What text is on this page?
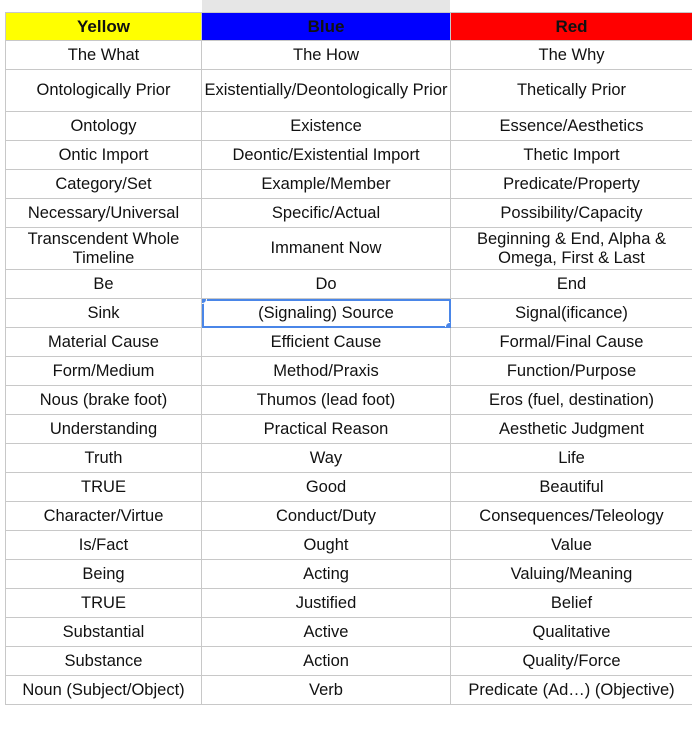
Yellow	Blue	Red
The What	The How	The Why
Ontologically Prior	Existentially/Deontologically Prior	Thetically Prior
Ontology	Existence	Essence/Aesthetics
Ontic Import	Deontic/Existential Import	Thetic Import
Category/Set	Example/Member	Predicate/Property
Necessary/Universal	Specific/Actual	Possibility/Capacity
Transcendent Whole Timeline	Immanent Now	Beginning & End, Alpha & Omega, First & Last
Be	Do	End
Sink	(Signaling) Source	Signal(ificance)
Material Cause	Efficient Cause	Formal/Final Cause
Form/Medium	Method/Praxis	Function/Purpose
Nous (brake foot)	Thumos (lead foot)	Eros (fuel, destination)
Understanding	Practical Reason	Aesthetic Judgment
Truth	Way	Life
TRUE	Good	Beautiful
Character/Virtue	Conduct/Duty	Consequences/Teleology
Is/Fact	Ought	Value
Being	Acting	Valuing/Meaning
TRUE	Justified	Belief
Substantial	Active	Qualitative
Substance	Action	Quality/Force
Noun (Subject/Object)	Verb	Predicate (Ad…) (Objective)
